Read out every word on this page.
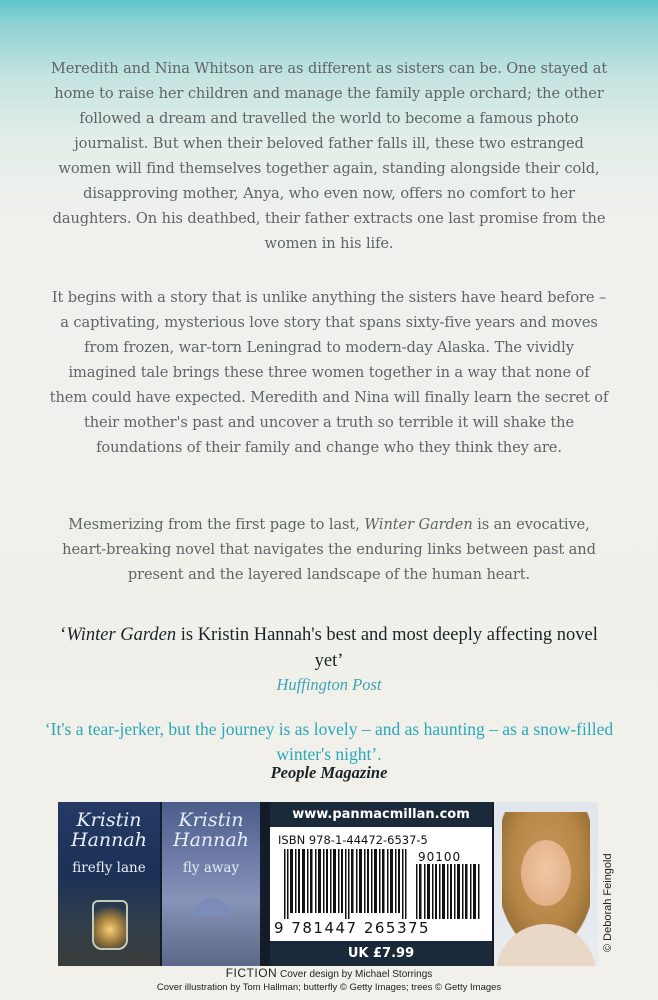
Meredith and Nina Whitson are as different as sisters can be. One stayed at home to raise her children and manage the family apple orchard; the other followed a dream and travelled the world to become a famous photo journalist. But when their beloved father falls ill, these two estranged women will find themselves together again, standing alongside their cold, disapproving mother, Anya, who even now, offers no comfort to her daughters. On his deathbed, their father extracts one last promise from the women in his life.

It begins with a story that is unlike anything the sisters have heard before – a captivating, mysterious love story that spans sixty-five years and moves from frozen, war-torn Leningrad to modern-day Alaska. The vividly imagined tale brings these three women together in a way that none of them could have expected. Meredith and Nina will finally learn the secret of their mother's past and uncover a truth so terrible it will shake the foundations of their family and change who they think they are.

Mesmerizing from the first page to last, Winter Garden is an evocative, heart-breaking novel that navigates the enduring links between past and present and the layered landscape of the human heart.

‘Winter Garden is Kristin Hannah's best and most deeply affecting novel yet’

Huffington Post

‘It's a tear-jerker, but the journey is as lovely – and as haunting – as a snow-filled winter's night’.

People Magazine

Kristin Hannah
firefly lane
Kristin Hannah
fly away
www.panmacmillan.com
ISBN 978-1-44472-6537-5
90100
9 781447 265375
UK £7.99
© Deborah Feingold
FICTION Cover design by Michael Storrings
Cover illustration by Tom Hallman; butterfly © Getty Images; trees © Getty Images
